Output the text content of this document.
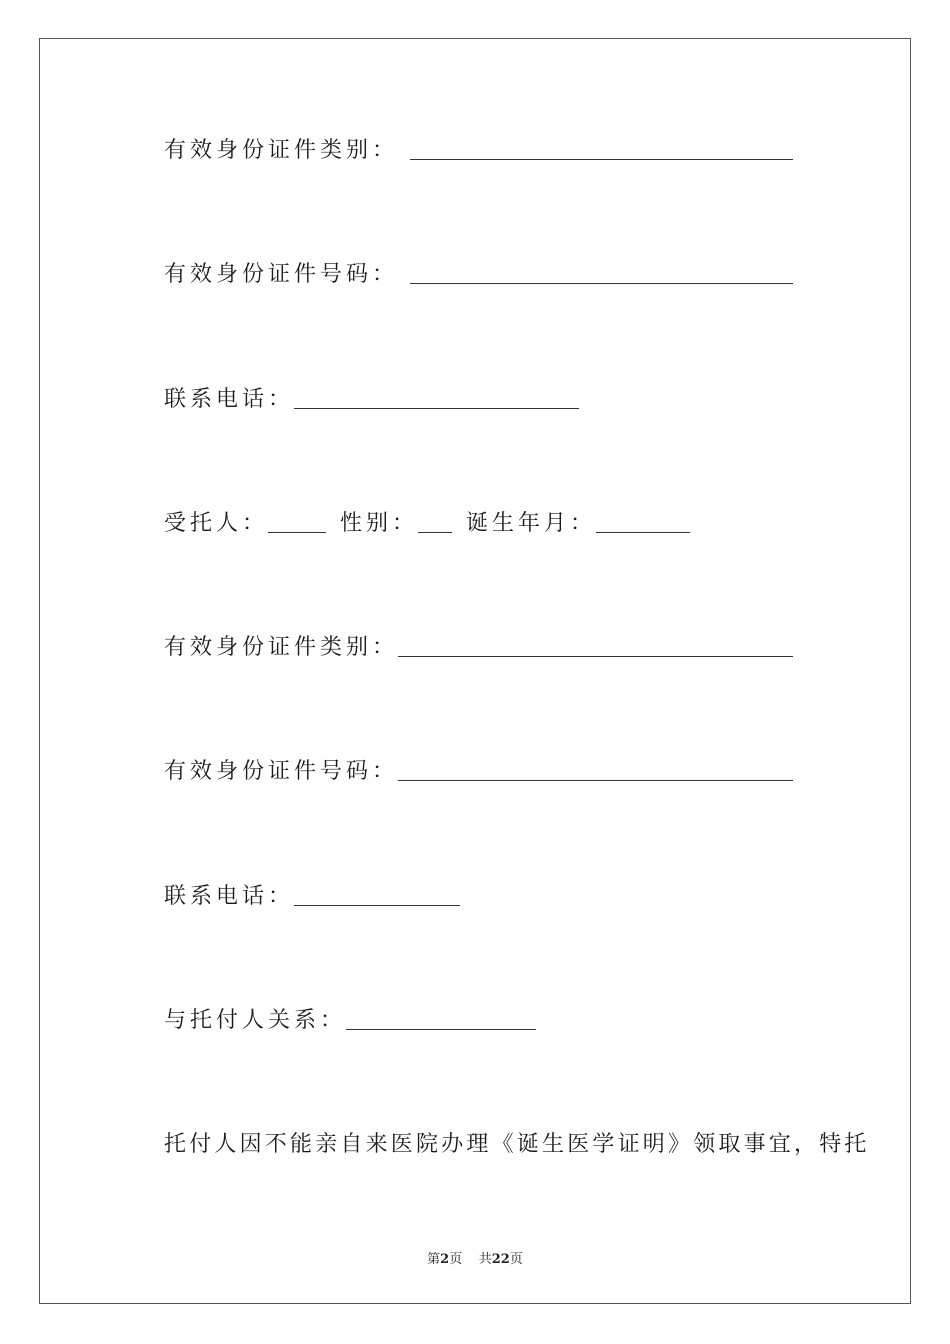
有效身份证件类别：
有效身份证件号码：
联系电话：
受托人：	性别： 诞生年月：
有效身份证件类别：
有效身份证件号码：
联系电话：
与托付人关系：
托付人因不能亲自来医院办理《诞生医学证明》领取事宜，特托
第2页 共22页
